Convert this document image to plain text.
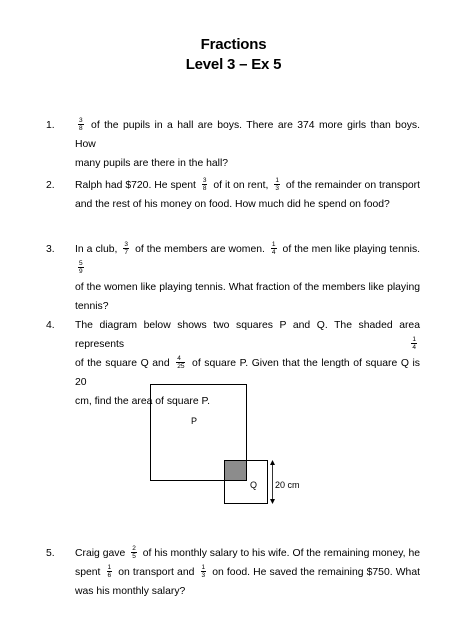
Fractions
Level 3 – Ex 5
1.	$\frac{3}{8}$ of the pupils in a hall are boys. There are 374 more girls than boys. How
many pupils are there in the hall?
2. Ralph had $720. He spent $\frac{3}{8}$ of it on rent, $\frac{1}{3}$ of the remainder on transport
and the rest of his money on food. How much did he spend on food?
3. In a club, $\frac{3}{7}$ of the members are women. $\frac{1}{4}$ of the men like playing tennis.
$\frac{5}{9}$
of the women like playing tennis. What fraction of the members like playing
tennis?
4. The diagram below shows two squares P and Q. The shaded area represents	$\frac{1}{4}$
of the square Q and $\frac{4}{25}$ of square P. Given that the length of square Q is 20
cm, find the area of square P.
P
Q 20 cm
5. Craig gave $\frac{2}{5}$ of his monthly salary to his wife. Of the remaining money, he
spent $\frac{1}{6}$ on transport and $\frac{1}{3}$ on food. He saved the remaining $750. What
was his monthly salary?
